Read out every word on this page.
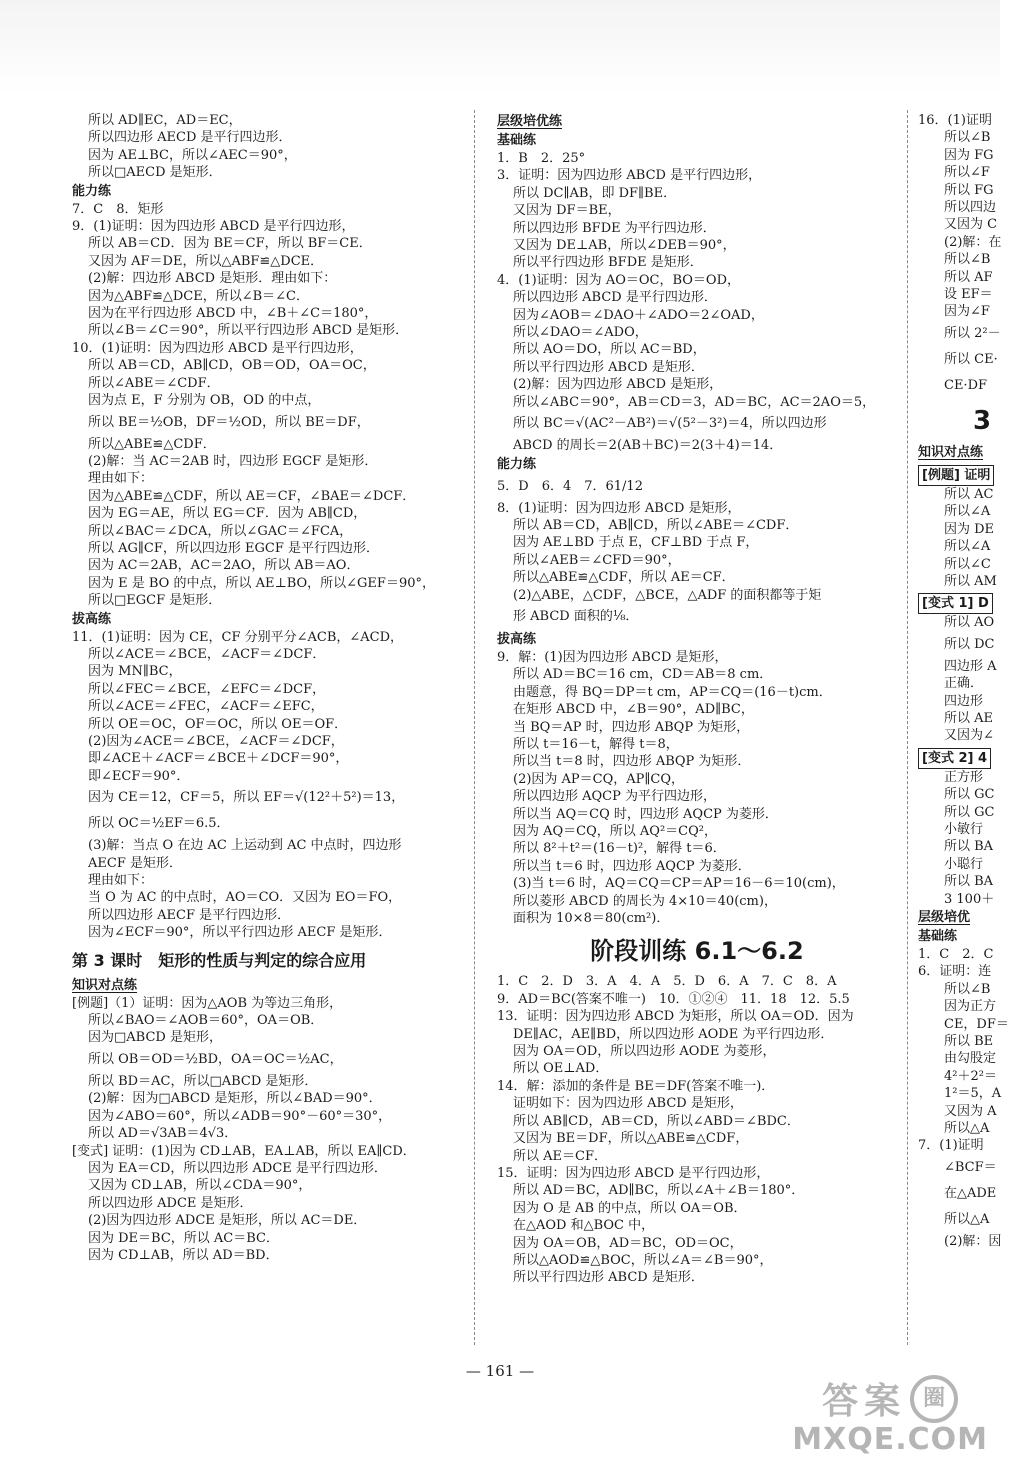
所以 AD∥EC，AD＝EC，
所以四边形 AECD 是平行四边形．
因为 AE⊥BC，所以∠AEC＝90°，
所以□AECD 是矩形．
能力练
7．C　8．矩形
9．(1)证明：因为四边形 ABCD 是平行四边形，
所以 AB＝CD．因为 BE＝CF，所以 BF＝CE．
又因为 AF＝DE，所以△ABF≌△DCE．
(2)解：四边形 ABCD 是矩形．理由如下：
因为△ABF≌△DCE，所以∠B＝∠C．
因为在平行四边形 ABCD 中，∠B＋∠C＝180°，
所以∠B＝∠C＝90°，所以平行四边形 ABCD 是矩形．
10．(1)证明：因为四边形 ABCD 是平行四边形，
所以 AB＝CD，AB∥CD，OB＝OD，OA＝OC，
所以∠ABE＝∠CDF．
因为点 E，F 分别为 OB，OD 的中点，
所以 BE＝½OB，DF＝½OD，所以 BE＝DF，
所以△ABE≌△CDF．
(2)解：当 AC＝2AB 时，四边形 EGCF 是矩形．
理由如下：
因为△ABE≌△CDF，所以 AE＝CF，∠BAE＝∠DCF．
因为 EG＝AE，所以 EG＝CF．因为 AB∥CD，
所以∠BAC＝∠DCA，所以∠GAC＝∠FCA，
所以 AG∥CF，所以四边形 EGCF 是平行四边形．
因为 AC＝2AB，AC＝2AO，所以 AB＝AO．
因为 E 是 BO 的中点，所以 AE⊥BO，所以∠GEF＝90°，
所以□EGCF 是矩形．
拔高练
11．(1)证明：因为 CE，CF 分别平分∠ACB，∠ACD，
所以∠ACE＝∠BCE，∠ACF＝∠DCF．
因为 MN∥BC，
所以∠FEC＝∠BCE，∠EFC＝∠DCF，
所以∠ACE＝∠FEC，∠ACF＝∠EFC，
所以 OE＝OC，OF＝OC，所以 OE＝OF．
(2)因为∠ACE＝∠BCE，∠ACF＝∠DCF，
即∠ACE＋∠ACF＝∠BCE＋∠DCF＝90°，
即∠ECF＝90°．
因为 CE＝12，CF＝5，所以 EF＝√(12²＋5²)＝13，
所以 OC＝½EF＝6.5．
(3)解：当点 O 在边 AC 上运动到 AC 中点时，四边形
AECF 是矩形．
理由如下：
当 O 为 AC 的中点时，AO＝CO．又因为 EO＝FO，
所以四边形 AECF 是平行四边形．
因为∠ECF＝90°，所以平行四边形 AECF 是矩形．
第 3 课时　矩形的性质与判定的综合应用
知识对点练
[例题]（1）证明：因为△AOB 为等边三角形，
所以∠BAO＝∠AOB＝60°，OA＝OB．
因为□ABCD 是矩形，
所以 OB＝OD＝½BD，OA＝OC＝½AC，
所以 BD＝AC，所以□ABCD 是矩形．
(2)解：因为□ABCD 是矩形，所以∠BAD＝90°．
因为∠ABO＝60°，所以∠ADB＝90°－60°＝30°，
所以 AD＝√3AB＝4√3．
[变式] 证明：(1)因为 CD⊥AB，EA⊥AB，所以 EA∥CD．
因为 EA＝CD，所以四边形 ADCE 是平行四边形．
又因为 CD⊥AB，所以∠CDA＝90°，
所以四边形 ADCE 是矩形．
(2)因为四边形 ADCE 是矩形，所以 AC＝DE．
因为 DE＝BC，所以 AC＝BC．
因为 CD⊥AB，所以 AD＝BD．
层级培优练
基础练
1．B　2．25°
3．证明：因为四边形 ABCD 是平行四边形，
所以 DC∥AB，即 DF∥BE．
又因为 DF＝BE，
所以四边形 BFDE 为平行四边形．
又因为 DE⊥AB，所以∠DEB＝90°，
所以平行四边形 BFDE 是矩形．
4．(1)证明：因为 AO＝OC，BO＝OD，
所以四边形 ABCD 是平行四边形．
因为∠AOB＝∠DAO＋∠ADO＝2∠OAD，
所以∠DAO＝∠ADO，
所以 AO＝DO，所以 AC＝BD，
所以平行四边形 ABCD 是矩形．
(2)解：因为四边形 ABCD 是矩形，
所以∠ABC＝90°，AB＝CD＝3，AD＝BC，AC＝2AO＝5，
所以 BC＝√(AC²－AB²)＝√(5²－3²)＝4，所以四边形
ABCD 的周长＝2(AB＋BC)＝2(3＋4)＝14．
能力练
5．D　6．4　7．61/12
8．(1)证明：因为四边形 ABCD 是矩形，
所以 AB＝CD，AB∥CD，所以∠ABE＝∠CDF．
因为 AE⊥BD 于点 E，CF⊥BD 于点 F，
所以∠AEB＝∠CFD＝90°，
所以△ABE≌△CDF，所以 AE＝CF．
(2)△ABE，△CDF，△BCE，△ADF 的面积都等于矩
形 ABCD 面积的⅛．
拔高练
9．解：(1)因为四边形 ABCD 是矩形，
所以 AD＝BC＝16 cm，CD＝AB＝8 cm．
由题意，得 BQ＝DP＝t cm，AP＝CQ＝(16－t)cm．
在矩形 ABCD 中，∠B＝90°，AD∥BC，
当 BQ＝AP 时，四边形 ABQP 为矩形，
所以 t＝16－t，解得 t＝8，
所以当 t＝8 时，四边形 ABQP 为矩形．
(2)因为 AP＝CQ，AP∥CQ，
所以四边形 AQCP 为平行四边形，
所以当 AQ＝CQ 时，四边形 AQCP 为菱形．
因为 AQ＝CQ，所以 AQ²＝CQ²，
所以 8²＋t²＝(16－t)²，解得 t＝6．
所以当 t＝6 时，四边形 AQCP 为菱形．
(3)当 t＝6 时，AQ＝CQ＝CP＝AP＝16－6＝10(cm)，
所以菱形 ABCD 的周长为 4×10＝40(cm)，
面积为 10×8＝80(cm²)．
阶段训练 6.1～6.2
1．C　2．D　3．A　4．A　5．D　6．A　7．C　8．A
9．AD＝BC(答案不唯一)　10．①②④　11．18　12．5.5
13．证明：因为四边形 ABCD 为矩形，所以 OA＝OD．因为
DE∥AC，AE∥BD，所以四边形 AODE 为平行四边形．
因为 OA＝OD，所以四边形 AODE 为菱形，
所以 OE⊥AD．
14．解：添加的条件是 BE＝DF(答案不唯一)．
证明如下：因为四边形 ABCD 是矩形，
所以 AB∥CD，AB＝CD，所以∠ABD＝∠BDC．
又因为 BE＝DF，所以△ABE≌△CDF，
所以 AE＝CF．
15．证明：因为四边形 ABCD 是平行四边形，
所以 AD＝BC，AD∥BC，所以∠A＋∠B＝180°．
因为 O 是 AB 的中点，所以 OA＝OB．
在△AOD 和△BOC 中，
因为 OA＝OB，AD＝BC，OD＝OC，
所以△AOD≌△BOC，所以∠A＝∠B＝90°，
所以平行四边形 ABCD 是矩形．
16．(1)证明
所以∠B
因为 FG
所以∠F
所以 FG
所以四边
又因为 C
(2)解：在
所以∠B
所以 AF
设 EF＝
因为∠F
所以 2²－
所以 CE·
CE·DF
3
知识对点练
[例题] 证明

所以 AC
所以∠A
因为 DE
所以∠A
所以∠C
所以 AM
[变式 1] D

所以 AO
所以 DC
四边形 A
正确．
四边形
所以 AE
又因为∠
[变式 2] 4

正方形
所以 GC
所以 GC
小敏行
所以 BA
小聪行
所以 BA
3 100＋
层级培优
基础练
1．C　2．C
6．证明：连
所以∠B
因为正方
CE，DF＝
所以 BE
由勾股定
4²＋2²＝
1²＝5，A
又因为 A
所以△A
7．(1)证明
∠BCF＝
在△ADE
所以△A
(2)解：因
— 161 —
答案 圈
MXQE.COM
